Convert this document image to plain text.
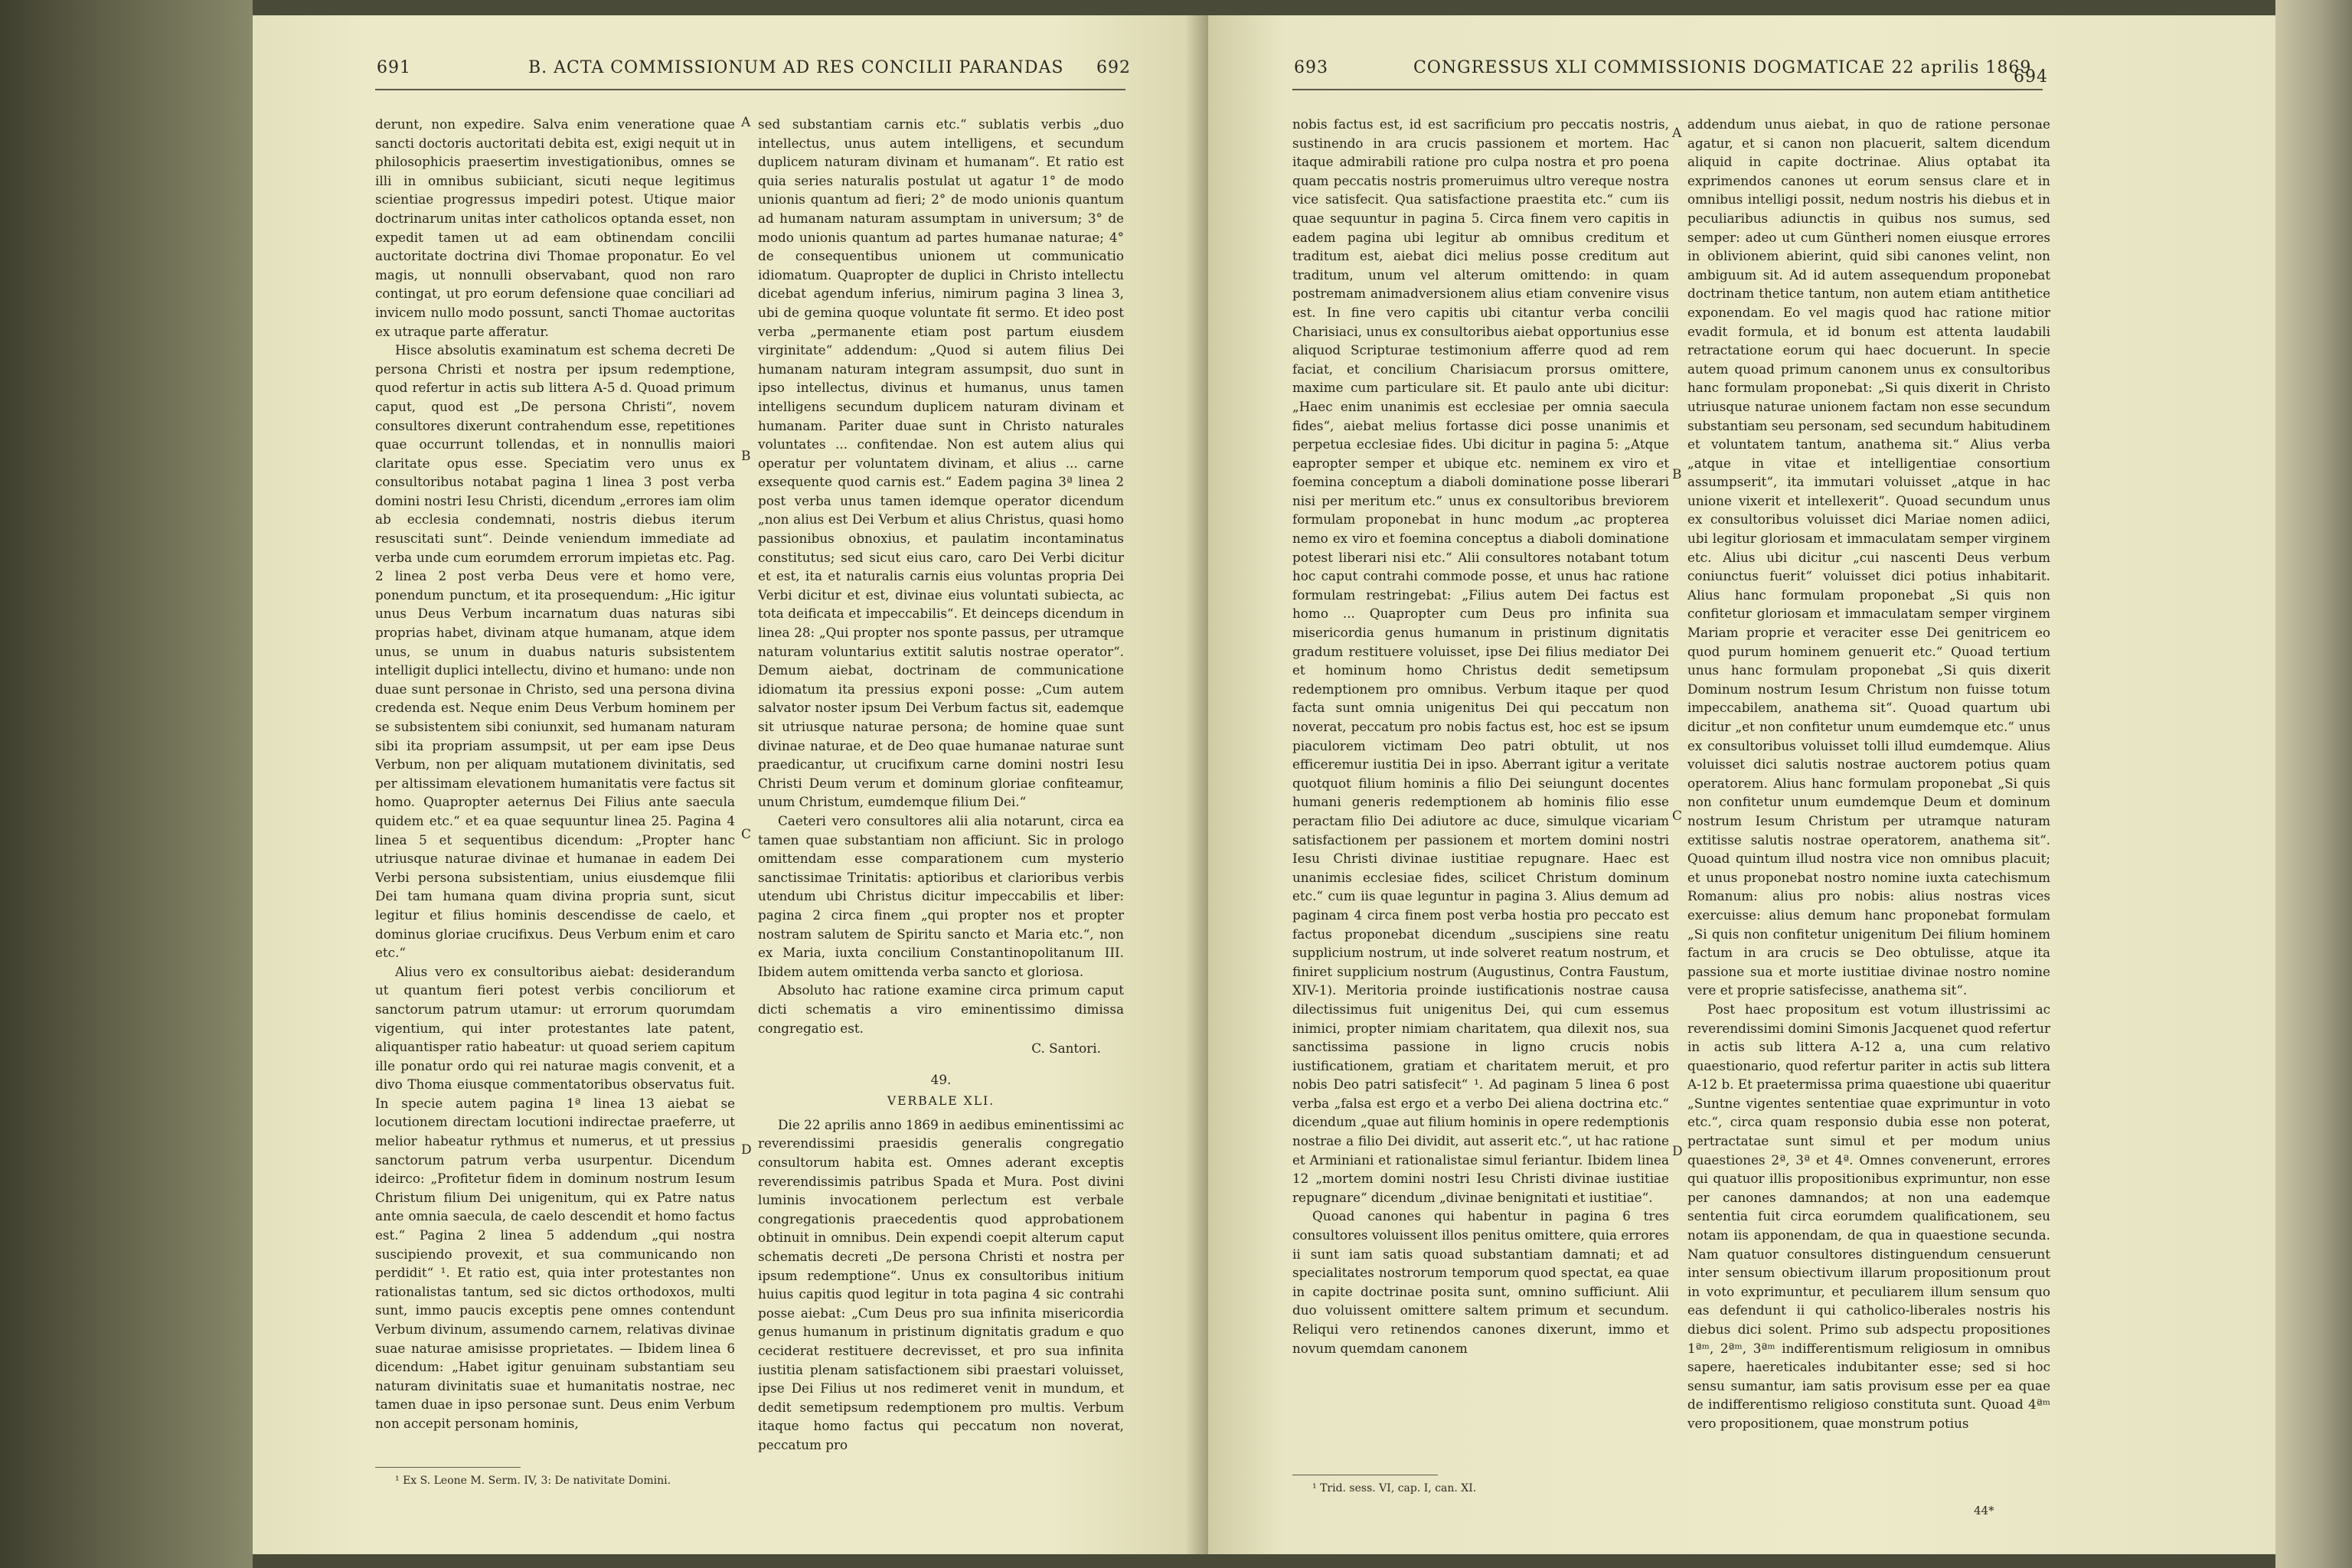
691	B. ACTA COMMISSIONUM AD RES CONCILII PARANDAS 692

derunt, non expedire. Salva enim veneratione quae sancti doctoris auctoritati debita est, exigi nequit ut in philosophicis praesertim investigationibus, omnes se illi in omnibus subiiciant, sicuti neque legitimus scientiae progressus impediri potest. Utique maior doctrinarum unitas inter catholicos optanda esset, non expedit tamen ut ad eam obtinendam concilii auctoritate doctrina divi Thomae proponatur. Eo vel magis, ut nonnulli observabant, quod non raro contingat, ut pro eorum defensione quae conciliari ad invicem nullo modo possunt, sancti Thomae auctoritas ex utraque parte afferatur.

Hisce absolutis examinatum est schema decreti De persona Christi et nostra per ipsum redemptione, quod refertur in actis sub littera A-5 d. Quoad primum caput, quod est „De persona Christi“, novem consultores dixerunt contrahendum esse, repetitiones quae occurrunt tollendas, et in nonnullis maiori claritate opus esse. Speciatim vero unus ex consultoribus notabat pagina 1 linea 3 post verba domini nostri Iesu Christi, dicendum „errores iam olim ab ecclesia condemnati, nostris diebus iterum resuscitati sunt“. Deinde veniendum immediate ad verba unde cum eorumdem errorum impietas etc. Pag. 2 linea 2 post verba Deus vere et homo vere, ponendum punctum, et ita prosequendum: „Hic igitur unus Deus Verbum incarnatum duas naturas sibi proprias habet, divinam atque humanam, atque idem unus, se unum in duabus naturis subsistentem intelligit duplici intellectu, divino et humano: unde non duae sunt personae in Christo, sed una persona divina credenda est. Neque enim Deus Verbum hominem per se subsistentem sibi coniunxit, sed humanam naturam sibi ita propriam assumpsit, ut per eam ipse Deus Verbum, non per aliquam mutationem divinitatis, sed per altissimam elevationem humanitatis vere factus sit homo. Quapropter aeternus Dei Filius ante saecula quidem etc.“ et ea quae sequuntur linea 25. Pagina 4 linea 5 et sequentibus dicendum: „Propter hanc utriusque naturae divinae et humanae in eadem Dei Verbi persona subsistentiam, unius eiusdemque filii Dei tam humana quam divina propria sunt, sicut legitur et filius hominis descendisse de caelo, et dominus gloriae crucifixus. Deus Verbum enim et caro etc.“

Alius vero ex consultoribus aiebat: desiderandum ut quantum fieri potest verbis conciliorum et sanctorum patrum utamur: ut errorum quorumdam vigentium, qui inter protestantes late patent, aliquantisper ratio habeatur: ut quoad seriem capitum ille ponatur ordo qui rei naturae magis convenit, et a divo Thoma eiusque commentatoribus observatus fuit. In specie autem pagina 1ª linea 13 aiebat se locutionem directam locutioni indirectae praeferre, ut melior habeatur rythmus et numerus, et ut pressius sanctorum patrum verba usurpentur. Dicendum ideirco: „Profitetur fidem in dominum nostrum Iesum Christum filium Dei unigenitum, qui ex Patre natus ante omnia saecula, de caelo descendit et homo factus est.“ Pagina 2 linea 5 addendum „qui nostra suscipiendo provexit, et sua communicando non perdidit“ ¹. Et ratio est, quia inter protestantes non rationalistas tantum, sed sic dictos orthodoxos, multi sunt, immo paucis exceptis pene omnes contendunt Verbum divinum, assumendo carnem, relativas divinae suae naturae amisisse proprietates. — Ibidem linea 6 dicendum: „Habet igitur genuinam substantiam seu naturam divinitatis suae et humanitatis nostrae, nec tamen duae in ipso personae sunt. Deus enim Verbum non accepit personam hominis,

A
B
C
D

sed substantiam carnis etc.“ sublatis verbis „duo intellectus, unus autem intelligens, et secundum duplicem naturam divinam et humanam“. Et ratio est quia series naturalis postulat ut agatur 1° de modo unionis quantum ad fieri; 2° de modo unionis quantum ad humanam naturam assumptam in universum; 3° de modo unionis quantum ad partes humanae naturae; 4° de consequentibus unionem ut communicatio idiomatum. Quapropter de duplici in Christo intellectu dicebat agendum inferius, nimirum pagina 3 linea 3, ubi de gemina quoque voluntate fit sermo. Et ideo post verba „permanente etiam post partum eiusdem virginitate“ addendum: „Quod si autem filius Dei humanam naturam integram assumpsit, duo sunt in ipso intellectus, divinus et humanus, unus tamen intelligens secundum duplicem naturam divinam et humanam. Pariter duae sunt in Christo naturales voluntates ... confitendae. Non est autem alius qui operatur per voluntatem divinam, et alius ... carne exsequente quod carnis est.“ Eadem pagina 3ª linea 2 post verba unus tamen idemque operator dicendum „non alius est Dei Verbum et alius Christus, quasi homo passionibus obnoxius, et paulatim incontaminatus constitutus; sed sicut eius caro, caro Dei Verbi dicitur et est, ita et naturalis carnis eius voluntas propria Dei Verbi dicitur et est, divinae eius voluntati subiecta, ac tota deificata et impeccabilis“. Et deinceps dicendum in linea 28: „Qui propter nos sponte passus, per utramque naturam voluntarius extitit salutis nostrae operator“. Demum aiebat, doctrinam de communicatione idiomatum ita pressius exponi posse: „Cum autem salvator noster ipsum Dei Verbum factus sit, eademque sit utriusque naturae persona; de homine quae sunt divinae naturae, et de Deo quae humanae naturae sunt praedicantur, ut crucifixum carne domini nostri Iesu Christi Deum verum et dominum gloriae confiteamur, unum Christum, eumdemque filium Dei.“

Caeteri vero consultores alii alia notarunt, circa ea tamen quae substantiam non afficiunt. Sic in prologo omittendam esse comparationem cum mysterio sanctissimae Trinitatis: aptioribus et clarioribus verbis utendum ubi Christus dicitur impeccabilis et liber: pagina 2 circa finem „qui propter nos et propter nostram salutem de Spiritu sancto et Maria etc.“, non ex Maria, iuxta concilium Constantinopolitanum III. Ibidem autem omittenda verba sancto et gloriosa.

Absoluto hac ratione examine circa primum caput dicti schematis a viro eminentissimo dimissa congregatio est.

C. Santori.
49.
VERBALE XLI.

Die 22 aprilis anno 1869 in aedibus eminentissimi ac reverendissimi praesidis generalis congregatio consultorum habita est. Omnes aderant exceptis reverendissimis patribus Spada et Mura. Post divini luminis invocationem perlectum est verbale congregationis praecedentis quod approbationem obtinuit in omnibus. Dein expendi coepit alterum caput schematis decreti „De persona Christi et nostra per ipsum redemptione“. Unus ex consultoribus initium huius capitis quod legitur in tota pagina 4 sic contrahi posse aiebat: „Cum Deus pro sua infinita misericordia genus humanum in pristinum dignitatis gradum e quo ceciderat restituere decrevisset, et pro sua infinita iustitia plenam satisfactionem sibi praestari voluisset, ipse Dei Filius ut nos redimeret venit in mundum, et dedit semetipsum redemptionem pro multis. Verbum itaque homo factus qui peccatum non noverat, peccatum pro

¹ Ex S. Leone M. Serm. IV, 3: De nativitate Domini.
693	CONGRESSUS XLI COMMISSIONIS DOGMATICAE 22 aprilis 1869
694

nobis factus est, id est sacrificium pro peccatis nostris, sustinendo in ara crucis passionem et mortem. Hac itaque admirabili ratione pro culpa nostra et pro poena quam peccatis nostris promeruimus ultro vereque nostra vice satisfecit. Qua satisfactione praestita etc.“ cum iis quae sequuntur in pagina 5. Circa finem vero capitis in eadem pagina ubi legitur ab omnibus creditum et traditum est, aiebat dici melius posse creditum aut traditum, unum vel alterum omittendo: in quam postremam animadversionem alius etiam convenire visus est. In fine vero capitis ubi citantur verba concilii Charisiaci, unus ex consultoribus aiebat opportunius esse aliquod Scripturae testimonium afferre quod ad rem faciat, et concilium Charisiacum prorsus omittere, maxime cum particulare sit. Et paulo ante ubi dicitur: „Haec enim unanimis est ecclesiae per omnia saecula fides“, aiebat melius fortasse dici posse unanimis et perpetua ecclesiae fides. Ubi dicitur in pagina 5: „Atque eapropter semper et ubique etc. neminem ex viro et foemina conceptum a diaboli dominatione posse liberari nisi per meritum etc.“ unus ex consultoribus breviorem formulam proponebat in hunc modum „ac propterea nemo ex viro et foemina conceptus a diaboli dominatione potest liberari nisi etc.“ Alii consultores notabant totum hoc caput contrahi commode posse, et unus hac ratione formulam restringebat: „Filius autem Dei factus est homo ... Quapropter cum Deus pro infinita sua misericordia genus humanum in pristinum dignitatis gradum restituere voluisset, ipse Dei filius mediator Dei et hominum homo Christus dedit semetipsum redemptionem pro omnibus. Verbum itaque per quod facta sunt omnia unigenitus Dei qui peccatum non noverat, peccatum pro nobis factus est, hoc est se ipsum piaculorem victimam Deo patri obtulit, ut nos efficeremur iustitia Dei in ipso. Aberrant igitur a veritate quotquot filium hominis a filio Dei seiungunt docentes humani generis redemptionem ab hominis filio esse peractam filio Dei adiutore ac duce, simulque vicariam satisfactionem per passionem et mortem domini nostri Iesu Christi divinae iustitiae repugnare. Haec est unanimis ecclesiae fides, scilicet Christum dominum etc.“ cum iis quae leguntur in pagina 3. Alius demum ad paginam 4 circa finem post verba hostia pro peccato est factus proponebat dicendum „suscipiens sine reatu supplicium nostrum, ut inde solveret reatum nostrum, et finiret supplicium nostrum (Augustinus, Contra Faustum, XIV-1). Meritoria proinde iustificationis nostrae causa dilectissimus fuit unigenitus Dei, qui cum essemus inimici, propter nimiam charitatem, qua dilexit nos, sua sanctissima passione in ligno crucis nobis iustificationem, gratiam et charitatem meruit, et pro nobis Deo patri satisfecit“ ¹. Ad paginam 5 linea 6 post verba „falsa est ergo et a verbo Dei aliena doctrina etc.“ dicendum „quae aut filium hominis in opere redemptionis nostrae a filio Dei dividit, aut asserit etc.“, ut hac ratione et Arminiani et rationalistae simul feriantur. Ibidem linea 12 „mortem domini nostri Iesu Christi divinae iustitiae repugnare“ dicendum „divinae benignitati et iustitiae“.

Quoad canones qui habentur in pagina 6 tres consultores voluissent illos penitus omittere, quia errores ii sunt iam satis quoad substantiam damnati; et ad specialitates nostrorum temporum quod spectat, ea quae in capite doctrinae posita sunt, omnino sufficiunt. Alii duo voluissent omittere saltem primum et secundum. Reliqui vero retinendos canones dixerunt, immo et novum quemdam canonem

A
B
C
D

addendum unus aiebat, in quo de ratione personae agatur, et si canon non placuerit, saltem dicendum aliquid in capite doctrinae. Alius optabat ita exprimendos canones ut eorum sensus clare et in omnibus intelligi possit, nedum nostris his diebus et in peculiaribus adiunctis in quibus nos sumus, sed semper: adeo ut cum Güntheri nomen eiusque errores in oblivionem abierint, quid sibi canones velint, non ambiguum sit. Ad id autem assequendum proponebat doctrinam thetice tantum, non autem etiam antithetice exponendam. Eo vel magis quod hac ratione mitior evadit formula, et id bonum est attenta laudabili retractatione eorum qui haec docuerunt. In specie autem quoad primum canonem unus ex consultoribus hanc formulam proponebat: „Si quis dixerit in Christo utriusque naturae unionem factam non esse secundum substantiam seu personam, sed secundum habitudinem et voluntatem tantum, anathema sit.“ Alius verba „atque in vitae et intelligentiae consortium assumpserit“, ita immutari voluisset „atque in hac unione vixerit et intellexerit“. Quoad secundum unus ex consultoribus voluisset dici Mariae nomen adiici, ubi legitur gloriosam et immaculatam semper virginem etc. Alius ubi dicitur „cui nascenti Deus verbum coniunctus fuerit“ voluisset dici potius inhabitarit. Alius hanc formulam proponebat „Si quis non confitetur gloriosam et immaculatam semper virginem Mariam proprie et veraciter esse Dei genitricem eo quod purum hominem genuerit etc.“ Quoad tertium unus hanc formulam proponebat „Si quis dixerit Dominum nostrum Iesum Christum non fuisse totum impeccabilem, anathema sit“. Quoad quartum ubi dicitur „et non confitetur unum eumdemque etc.“ unus ex consultoribus voluisset tolli illud eumdemque. Alius voluisset dici salutis nostrae auctorem potius quam operatorem. Alius hanc formulam proponebat „Si quis non confitetur unum eumdemque Deum et dominum nostrum Iesum Christum per utramque naturam extitisse salutis nostrae operatorem, anathema sit“. Quoad quintum illud nostra vice non omnibus placuit; et unus proponebat nostro nomine iuxta catechismum Romanum: alius pro nobis: alius nostras vices exercuisse: alius demum hanc proponebat formulam „Si quis non confitetur unigenitum Dei filium hominem factum in ara crucis se Deo obtulisse, atque ita passione sua et morte iustitiae divinae nostro nomine vere et proprie satisfecisse, anathema sit“.

Post haec propositum est votum illustrissimi ac reverendissimi domini Simonis Jacquenet quod refertur in actis sub littera A-12 a, una cum relativo quaestionario, quod refertur pariter in actis sub littera A-12 b. Et praetermissa prima quaestione ubi quaeritur „Suntne vigentes sententiae quae exprimuntur in voto etc.“, circa quam responsio dubia esse non poterat, pertractatae sunt simul et per modum unius quaestiones 2ª, 3ª et 4ª. Omnes convenerunt, errores qui quatuor illis propositionibus exprimuntur, non esse per canones damnandos; at non una eademque sententia fuit circa eorumdem qualificationem, seu notam iis apponendam, de qua in quaestione secunda. Nam quatuor consultores distinguendum censuerunt inter sensum obiectivum illarum propositionum prout in voto exprimuntur, et peculiarem illum sensum quo eas defendunt ii qui catholico-liberales nostris his diebus dici solent. Primo sub adspectu propositiones 1ªᵐ, 2ªᵐ, 3ªᵐ indifferentismum religiosum in omnibus sapere, haereticales indubitanter esse; sed si hoc sensu sumantur, iam satis provisum esse per ea quae de indifferentismo religioso constituta sunt. Quoad 4ªᵐ vero propositionem, quae monstrum potius

¹ Trid. sess. VI, cap. I, can. XI.
44*
